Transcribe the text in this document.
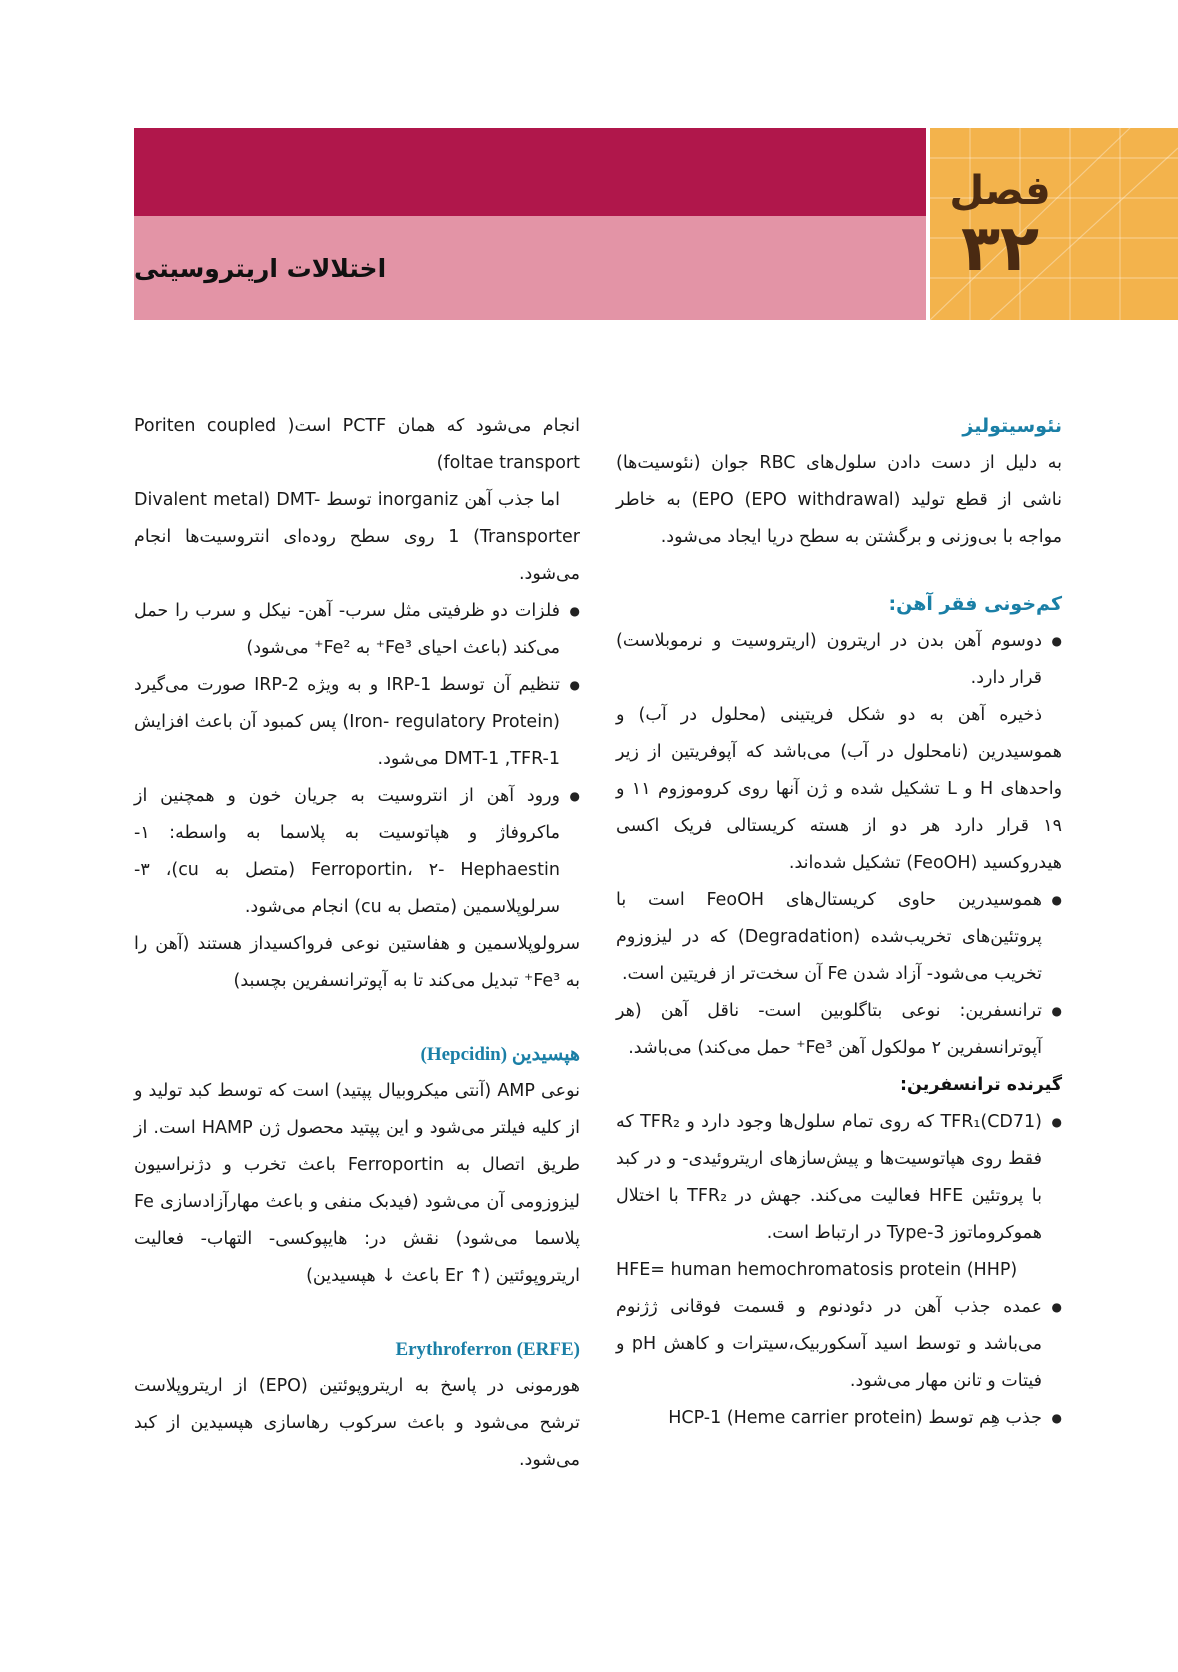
اختلالات اریتروسیتی
فصل
۳۲

نئوسیتولیز

به دلیل از دست دادن سلول‌های RBC جوان (نئوسیت‌ها) ناشی از قطع تولید (EPO withdrawal) EPO) به خاطر مواجه با بی‌وزنی و برگشتن به سطح دریا ایجاد می‌شود.

کم‌خونی فقر آهن:

● دوسوم آهن بدن در اریترون (اریتروسیت و نرموبلاست) قرار دارد.

ذخیره آهن به دو شکل فریتینی (محلول در آب) و هموسیدرین (نامحلول در آب) می‌باشد که آپوفریتین از زیر واحدهای H و L تشکیل شده و ژن آنها روی کروموزوم ۱۱ و ۱۹ قرار دارد هر دو از هسته کریستالی فریک اکسی هیدروکسید (FeoOH) تشکیل شده‌اند.

● هموسیدرین حاوی کریستال‌های FeoOH است با پروتئین‌های تخریب‌شده (Degradation) که در لیزوزوم تخریب می‌شود- آزاد شدن Fe آن سخت‌تر از فریتین است.
● ترانسفرین: نوعی بتاگلوبین است- ناقل آهن (هر آپوترانسفرین ۲ مولکول آهن Fe³⁺ حمل می‌کند) می‌باشد.

گیرنده ترانسفرین:

● TFR₁(CD71) که روی تمام سلول‌ها وجود دارد و TFR₂ که فقط روی هپاتوسیت‌ها و پیش‌سازهای اریتروئیدی- و در کبد با پروتئین HFE فعالیت می‌کند. جهش در TFR₂ با اختلال هموکروماتوز Type-3 در ارتباط است.

HFE= human hemochromatosis protein (HHP)

● عمده جذب آهن در دئودنوم و قسمت فوقانی ژژنوم می‌باشد و توسط اسید آسکوربیک،سیترات و کاهش pH و فیتات و تانن مهار می‌شود.
● جذب هِم توسط HCP-1 (Heme carrier protein)

انجام می‌شود که همان PCTF است( Poriten coupled foltae transport)

اما جذب آهن inorganiz توسط Divalent metal) DMT-1 (Transporter روی سطح روده‌ای انتروسیت‌ها انجام می‌شود.

● فلزات دو ظرفیتی مثل سرب- آهن- نیکل و سرب را حمل می‌کند (باعث احیای Fe³⁺ به Fe²⁺ می‌شود)
● تنظیم آن توسط IRP-1 و به ویژه IRP-2 صورت می‌گیرد (Iron- regulatory Protein) پس کمبود آن باعث افزایش DMT-1 ,TFR-1 می‌شود.
● ورود آهن از انتروسیت به جریان خون و همچنین از ماکروفاژ و هپاتوسیت به پلاسما به واسطه: ۱- Ferroportin، ۲- Hephaestin (متصل به cu)، ۳- سرلوپلاسمین (متصل به cu) انجام می‌شود.

سرولوپلاسمین و هفاستین نوعی فرواکسیداز هستند (آهن را به Fe³⁺ تبدیل می‌کند تا به آپوترانسفرین بچسبد)

هپسیدین (Hepcidin)

نوعی AMP (آنتی میکروبیال پپتید) است که توسط کبد تولید و از کلیه فیلتر می‌شود و این پپتید محصول ژن HAMP است. از طریق اتصال به Ferroportin باعث تخرب و دژنراسیون لیزوزومی آن می‌شود (فیدبک منفی و باعث مهارآزادسازی Fe پلاسما می‌شود) نقش در: هایپوکسی- التهاب- فعالیت اریتروپوئتین (↑ Er باعث ↓ هپسیدین)

(ERFE) Erythroferron

هورمونی در پاسخ به اریتروپوئتین (EPO) از اریتروپلاست ترشح می‌شود و باعث سرکوب رهاسازی هپسیدین از کبد می‌شود.
